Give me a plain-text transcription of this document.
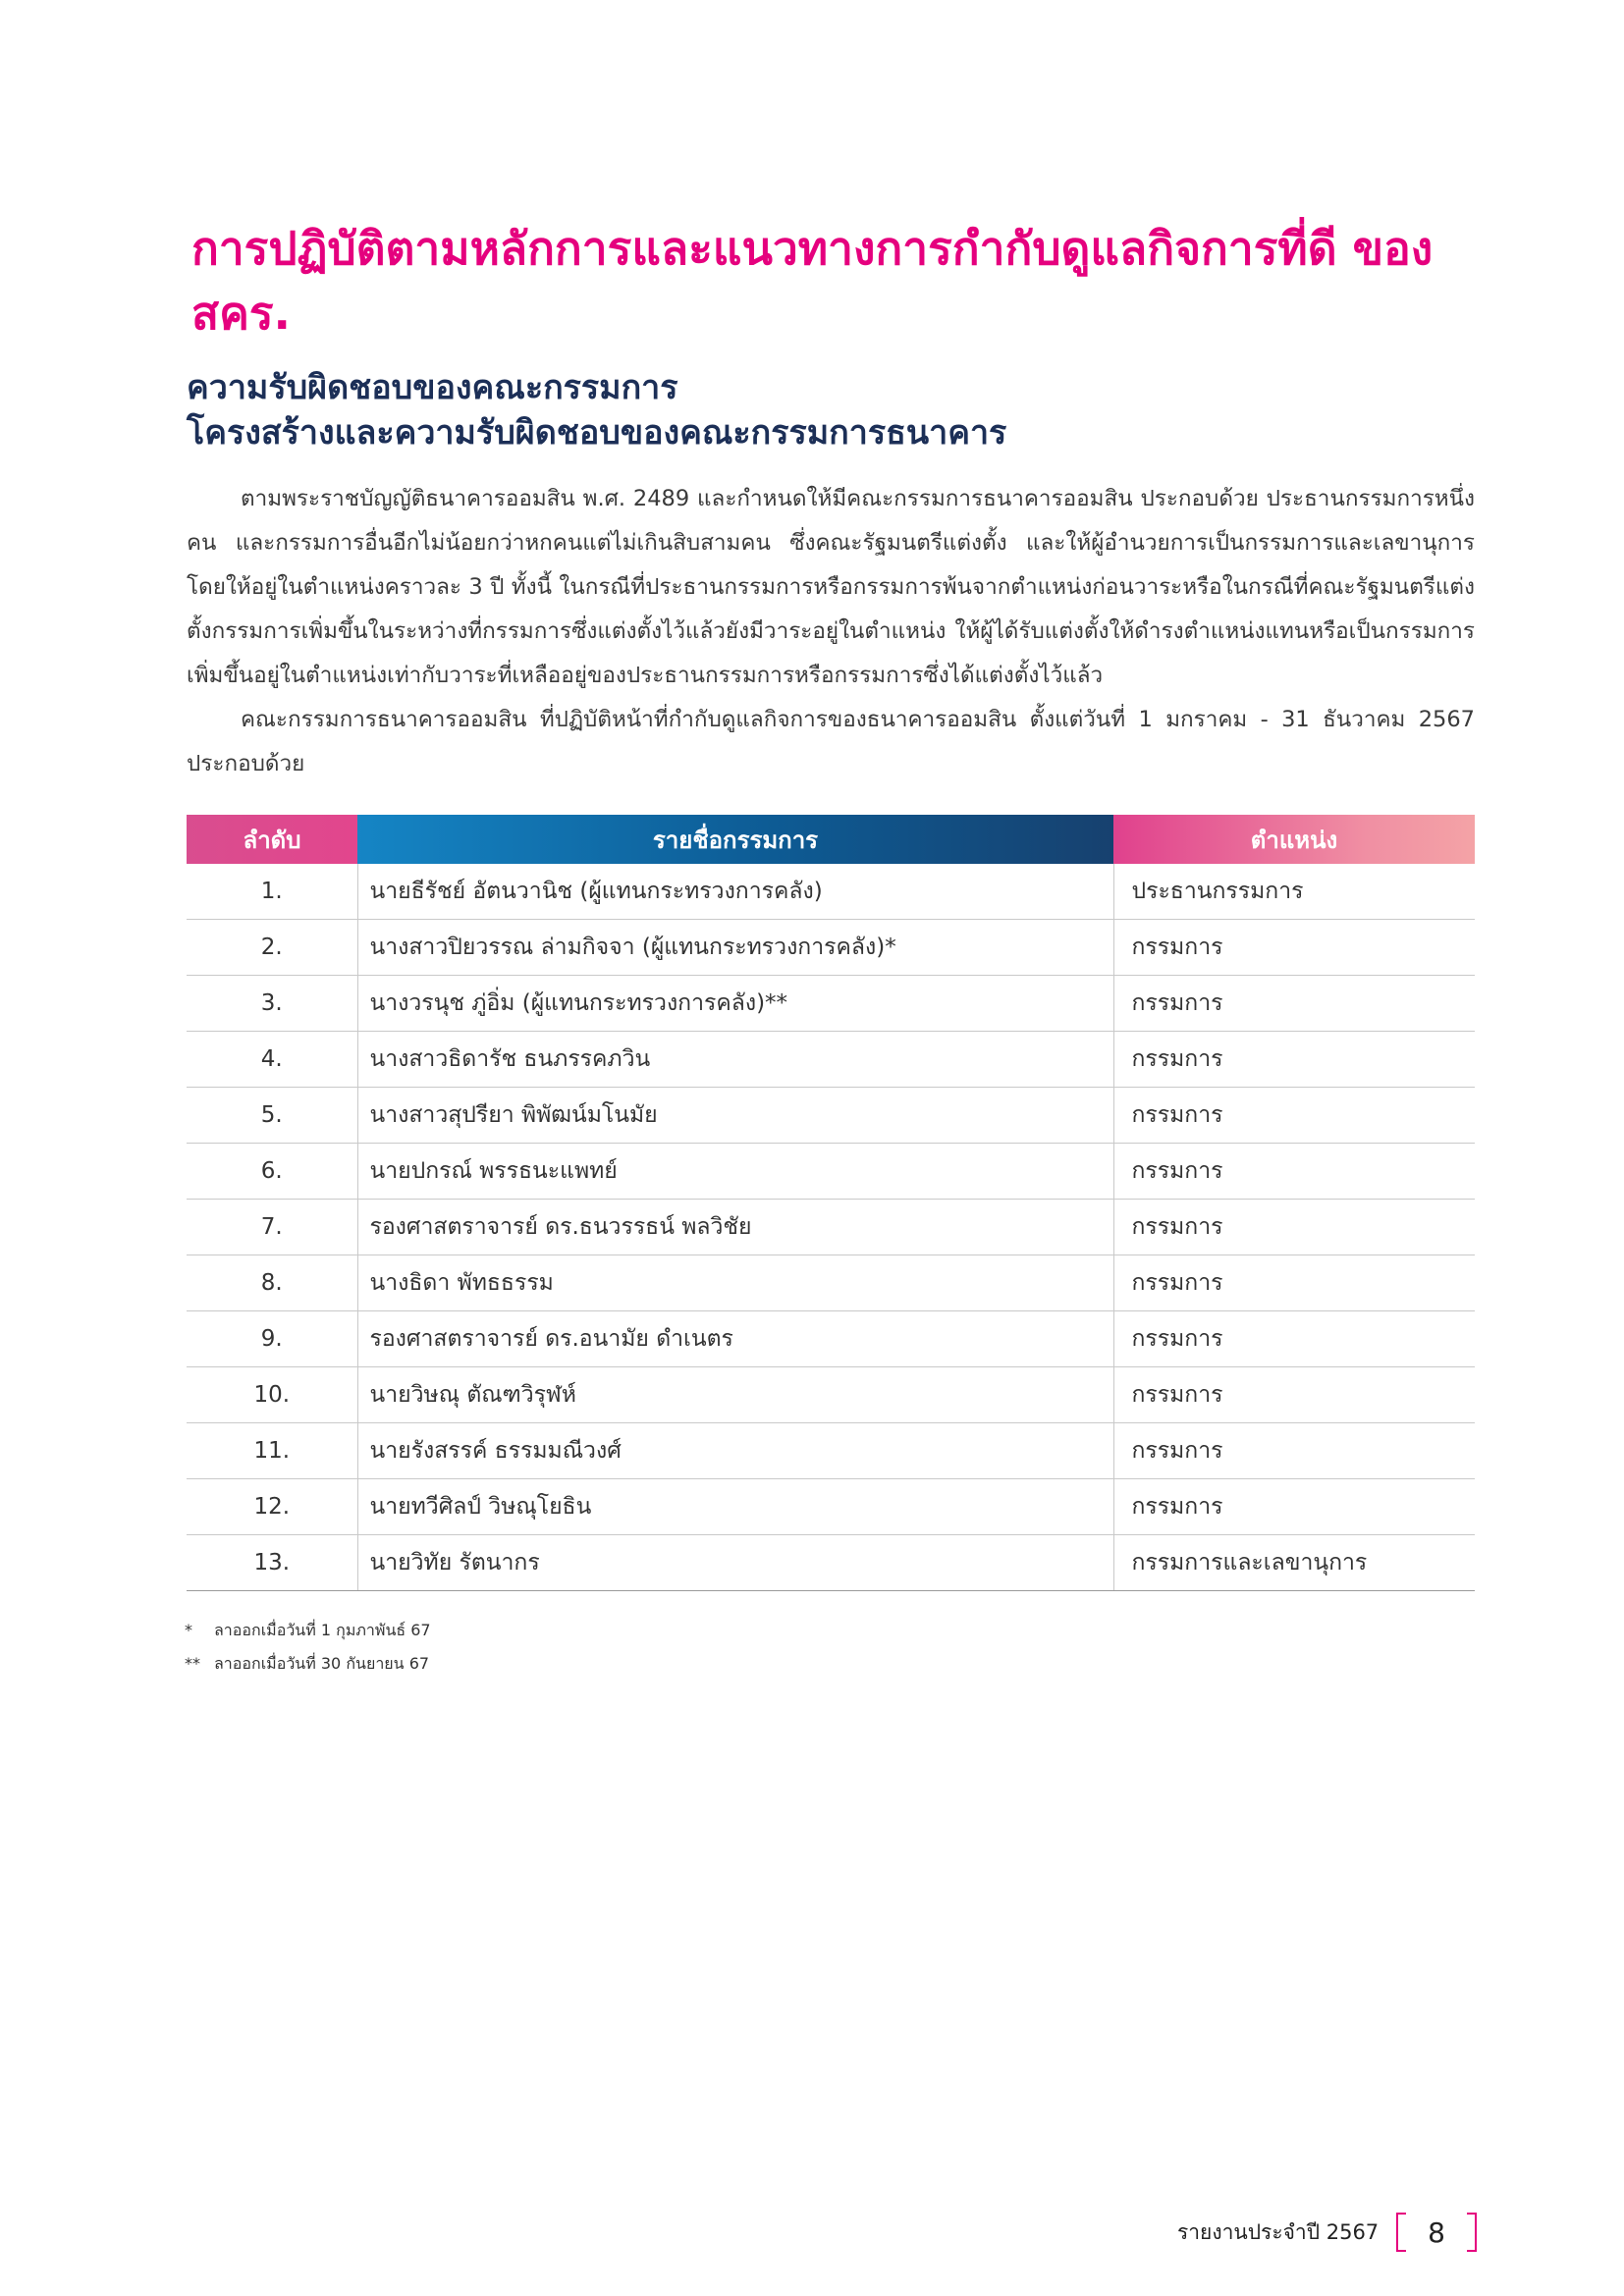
การปฏิบัติตามหลักการและแนวทางการกำกับดูแลกิจการที่ดี ของ สคร.
ความรับผิดชอบของคณะกรรมการ
โครงสร้างและความรับผิดชอบของคณะกรรมการธนาคาร

ตามพระราชบัญญัติธนาคารออมสิน พ.ศ. 2489 และกำหนดให้มีคณะกรรมการธนาคารออมสิน ประกอบด้วย ประธานกรรมการหนึ่งคน และกรรมการอื่นอีกไม่น้อยกว่าหกคนแต่ไม่เกินสิบสามคน ซึ่งคณะรัฐมนตรีแต่งตั้ง และให้ผู้อำนวยการเป็นกรรมการและเลขานุการ โดยให้อยู่ในตำแหน่งคราวละ 3 ปี ทั้งนี้ ในกรณีที่ประธานกรรมการหรือกรรมการพ้นจากตำแหน่งก่อนวาระหรือในกรณีที่คณะรัฐมนตรีแต่งตั้งกรรมการเพิ่มขึ้นในระหว่างที่กรรมการซึ่งแต่งตั้งไว้แล้วยังมีวาระอยู่ในตำแหน่ง ให้ผู้ได้รับแต่งตั้งให้ดำรงตำแหน่งแทนหรือเป็นกรรมการเพิ่มขึ้นอยู่ในตำแหน่งเท่ากับวาระที่เหลืออยู่ของประธานกรรมการหรือกรรมการซึ่งได้แต่งตั้งไว้แล้ว

คณะกรรมการธนาคารออมสิน ที่ปฏิบัติหน้าที่กำกับดูแลกิจการของธนาคารออมสิน ตั้งแต่วันที่ 1 มกราคม - 31 ธันวาคม 2567 ประกอบด้วย

ลำดับ	รายชื่อกรรมการ	ตำแหน่ง
1.	นายธีรัชย์ อัตนวานิช (ผู้แทนกระทรวงการคลัง)	ประธานกรรมการ
2.	นางสาวปิยวรรณ ล่ามกิจจา (ผู้แทนกระทรวงการคลัง)*	กรรมการ
3.	นางวรนุช ภู่อิ่ม (ผู้แทนกระทรวงการคลัง)**	กรรมการ
4.	นางสาวธิดารัช ธนภรรคภวิน	กรรมการ
5.	นางสาวสุปรียา พิพัฒน์มโนมัย	กรรมการ
6.	นายปกรณ์ พรรธนะแพทย์	กรรมการ
7.	รองศาสตราจารย์ ดร.ธนวรรธน์ พลวิชัย	กรรมการ
8.	นางธิดา พัทธธรรม	กรรมการ
9.	รองศาสตราจารย์ ดร.อนามัย ดำเนตร	กรรมการ
10.	นายวิษณุ ตัณฑวิรุฬห์	กรรมการ
11.	นายรังสรรค์ ธรรมมณีวงศ์	กรรมการ
12.	นายทวีศิลป์ วิษณุโยธิน	กรรมการ
13.	นายวิทัย รัตนากร	กรรมการและเลขานุการ
*	ลาออกเมื่อวันที่ 1 กุมภาพันธ์ 67
** ลาออกเมื่อวันที่ 30 กันยายน 67
รายงานประจำปี 2567	8
